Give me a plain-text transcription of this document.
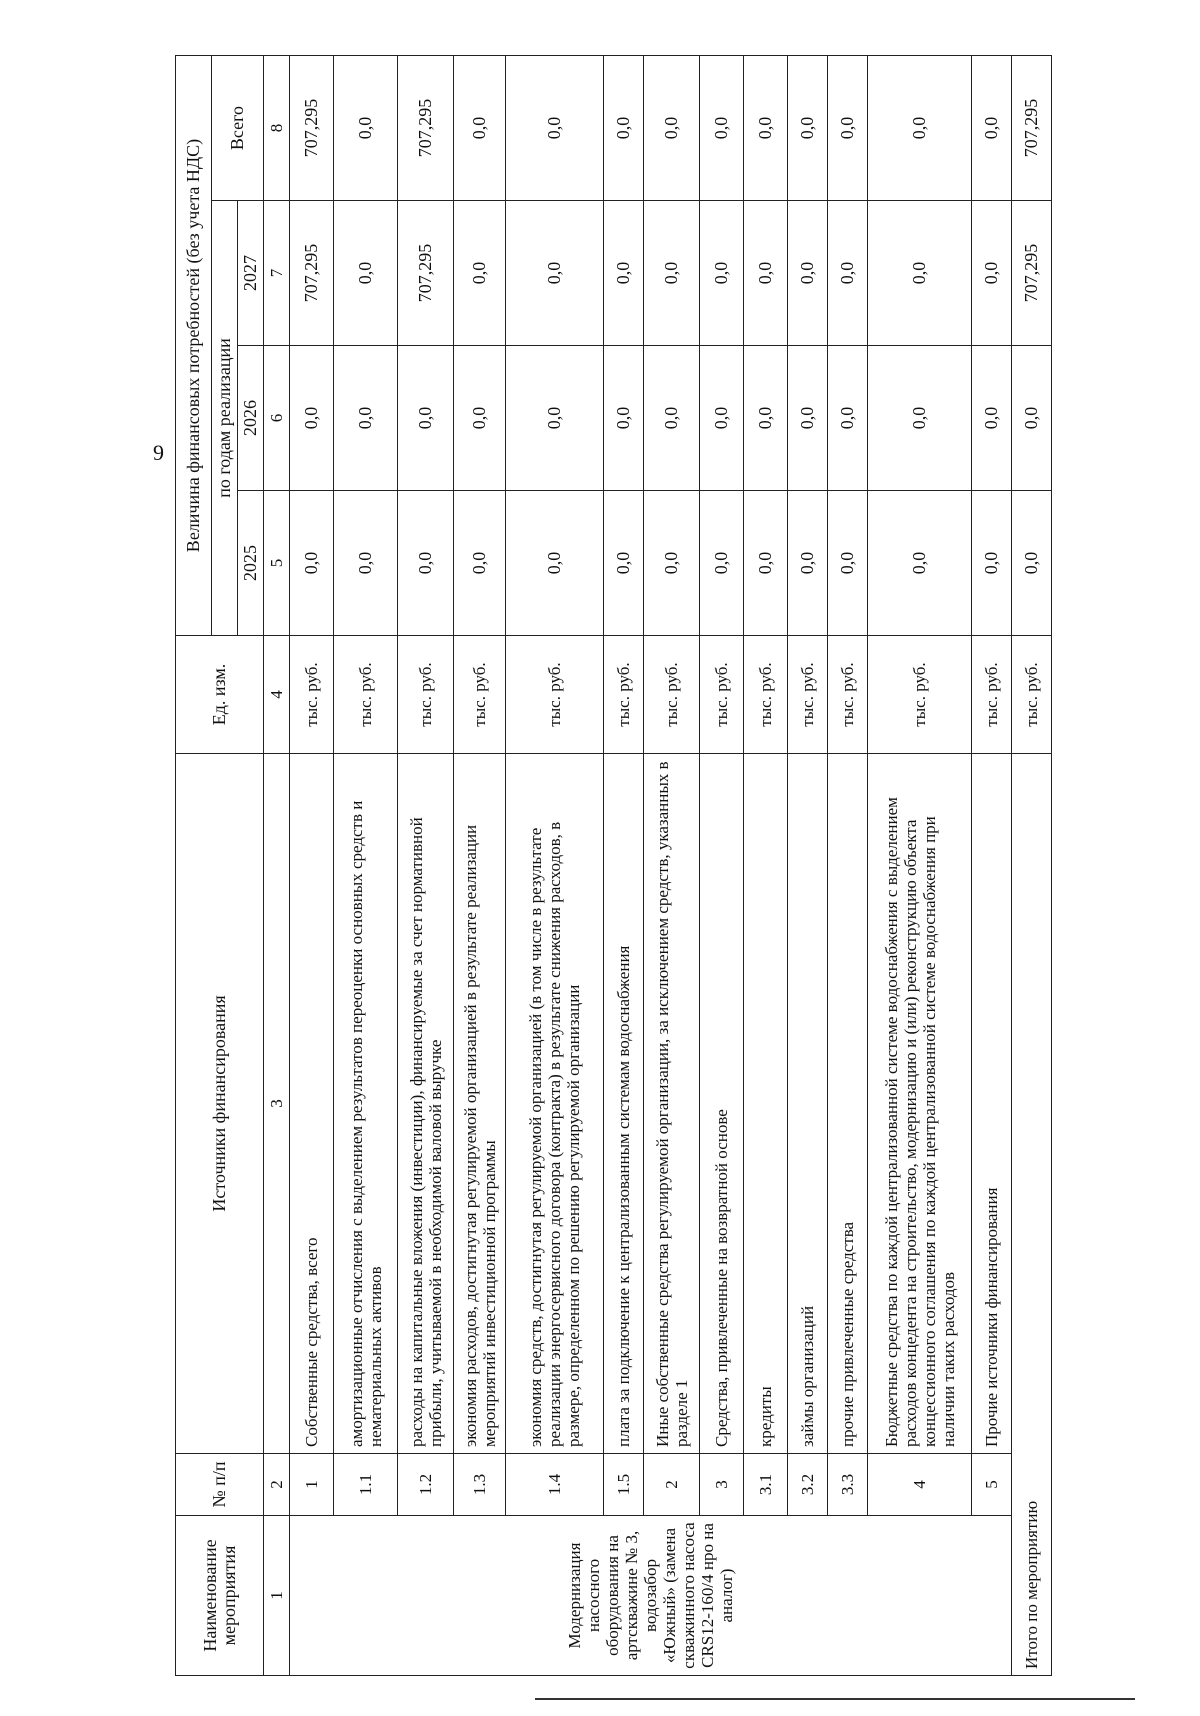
9
Наименование мероприятия	№ п/п	Источники финансирования	Ед. изм.	Величина финансовых потребностей (без учета НДС)			
				по годам реализации			Всего
				2025	2026	2027	
1	2	3	4	5	6	7	8
Модернизация насосного оборудования на артскважине № 3, водозабор «Южный» (замена скважинного насоса CRS12-160/4 нро на аналог)	1	Собственные средства, всего	тыс. руб.	0,0	0,0	707,295	707,295
	1.1	амортизационные отчисления с выделением результатов переоценки основных средств и нематериальных активов	тыс. руб.	0,0	0,0	0,0	0,0
	1.2	расходы на капитальные вложения (инвестиции), финансируемые за счет нормативной прибыли, учитываемой в необходимой валовой выручке	тыс. руб.	0,0	0,0	707,295	707,295
	1.3	экономия расходов, достигнутая регулируемой организацией в результате реализации мероприятий инвестиционной программы	тыс. руб.	0,0	0,0	0,0	0,0
	1.4	экономия средств, достигнутая регулируемой организацией (в том числе в результате реализации энергосервисного договора (контракта) в результате снижения расходов, в размере, определенном по решению регулируемой организации	тыс. руб.	0,0	0,0	0,0	0,0
	1.5	плата за подключение к централизованным системам водоснабжения	тыс. руб.	0,0	0,0	0,0	0,0
	2	Иные собственные средства регулируемой организации, за исключением средств, указанных в разделе 1	тыс. руб.	0,0	0,0	0,0	0,0
	3	Средства, привлеченные на возвратной основе	тыс. руб.	0,0	0,0	0,0	0,0
	3.1	кредиты	тыс. руб.	0,0	0,0	0,0	0,0
	3.2	займы организаций	тыс. руб.	0,0	0,0	0,0	0,0
	3.3	прочие привлеченные средства	тыс. руб.	0,0	0,0	0,0	0,0
	4	Бюджетные средства по каждой централизованной системе водоснабжения с выделением расходов концедента на строительство, модернизацию и (или) реконструкцию объекта концессионного соглашения по каждой централизованной системе водоснабжения при наличии таких расходов	тыс. руб.	0,0	0,0	0,0	0,0
	5	Прочие источники финансирования	тыс. руб.	0,0	0,0	0,0	0,0
Итого по мероприятию			тыс. руб.	0,0	0,0	707,295	707,295
